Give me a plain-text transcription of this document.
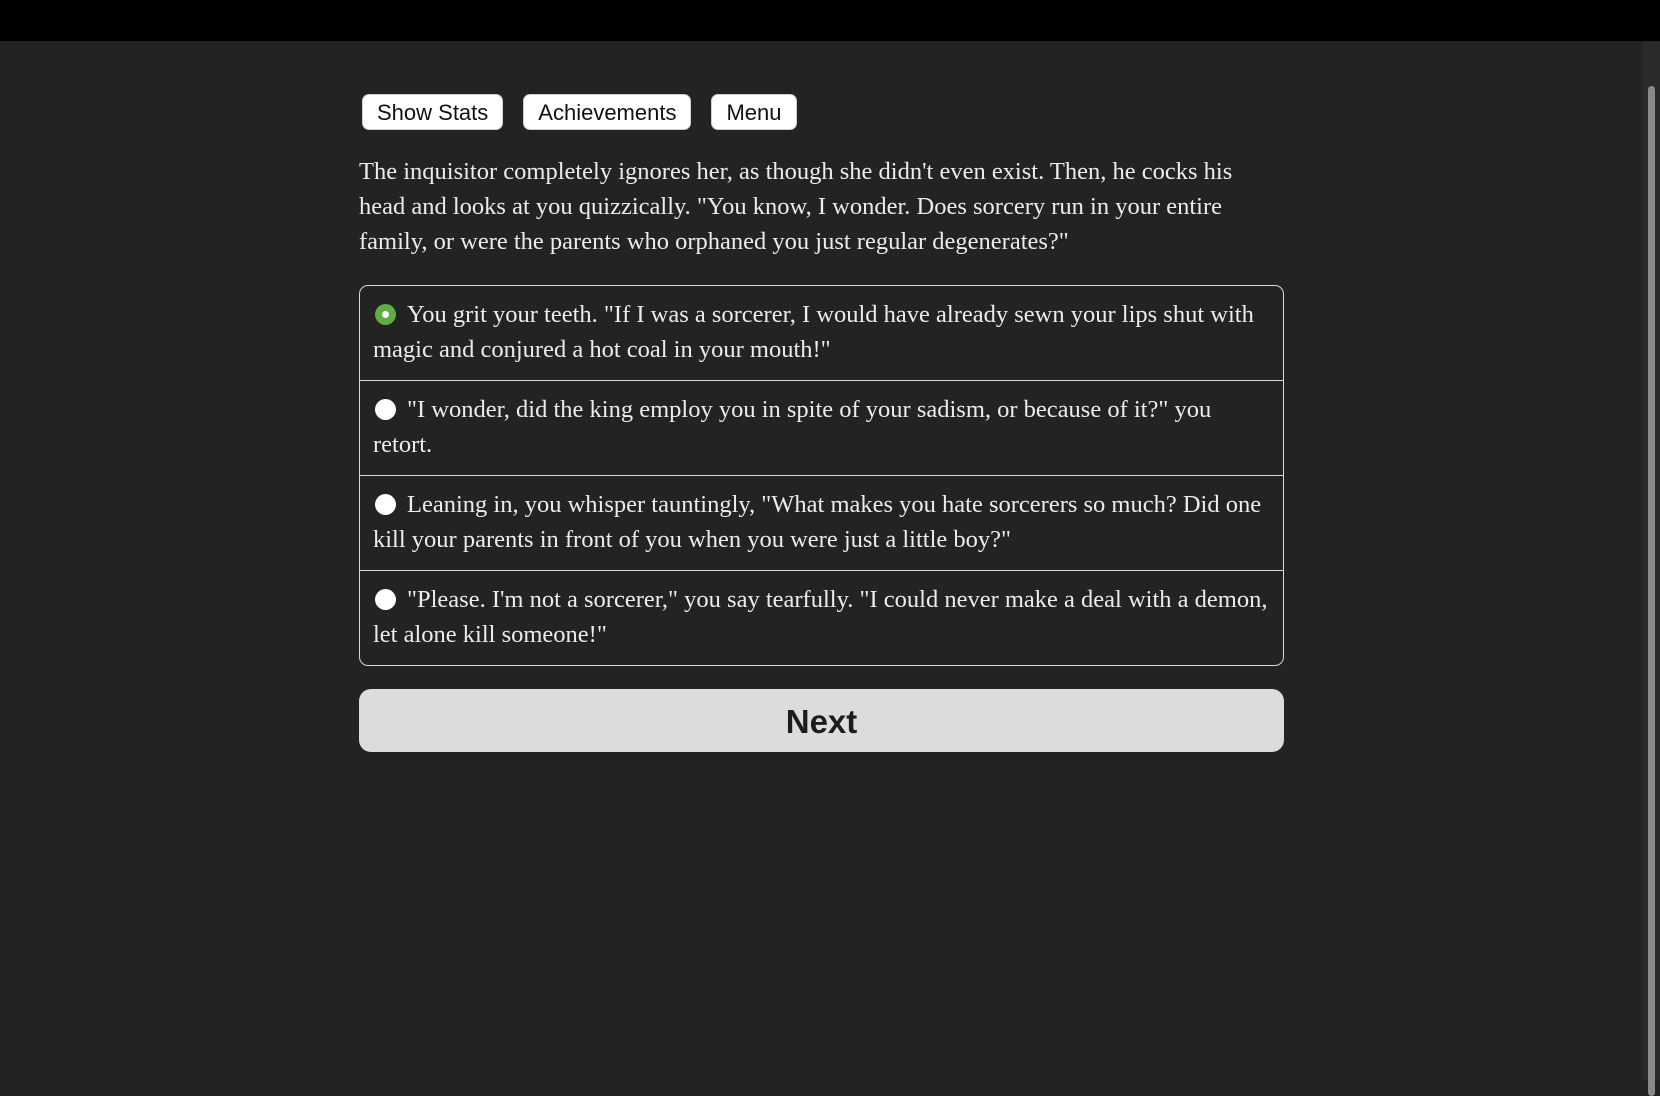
Show Stats	Achievements	Menu

The inquisitor completely ignores her, as though she didn't even exist. Then, he cocks his head and looks at you quizzically. "You know, I wonder. Does sorcery run in your entire family, or were the parents who orphaned you just regular degenerates?"

You grit your teeth. "If I was a sorcerer, I would have already sewn your lips shut with magic and conjured a hot coal in your mouth!"
"I wonder, did the king employ you in spite of your sadism, or because of it?" you retort.
Leaning in, you whisper tauntingly, "What makes you hate sorcerers so much? Did one kill your parents in front of you when you were just a little boy?"
"Please. I'm not a sorcerer," you say tearfully. "I could never make a deal with a demon, let alone kill someone!"
Next
